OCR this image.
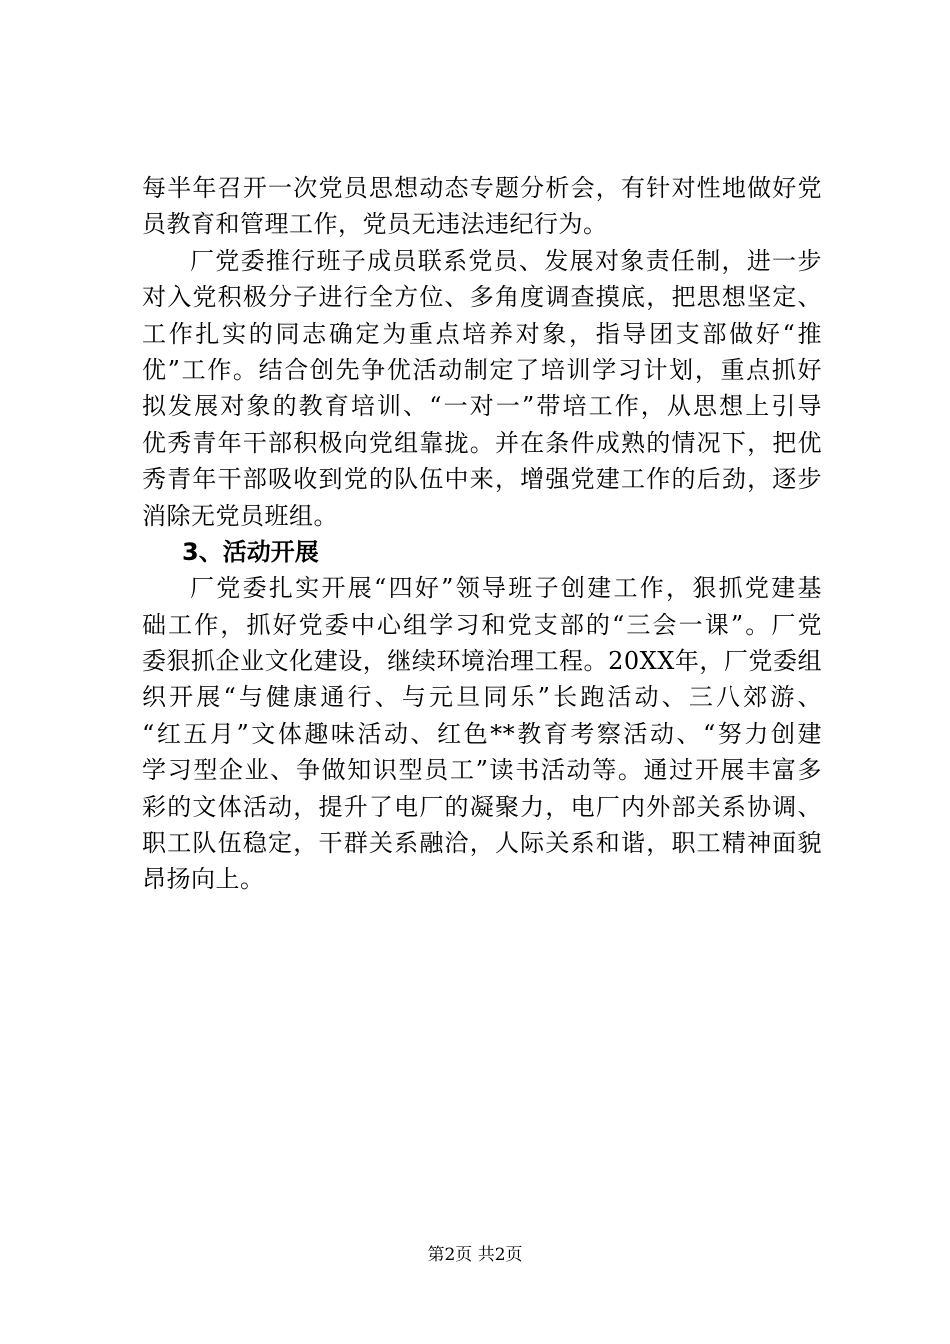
每半年召开一次党员思想动态专题分析会，有针对性地做好党
员教育和管理工作，党员无违法违纪行为。
厂党委推行班子成员联系党员、发展对象责任制，进一步
对入党积极分子进行全方位、多角度调查摸底，把思想坚定、
工作扎实的同志确定为重点培养对象，指导团支部做好“推
优”工作。结合创先争优活动制定了培训学习计划，重点抓好
拟发展对象的教育培训、“一对一”带培工作，从思想上引导
优秀青年干部积极向党组靠拢。并在条件成熟的情况下，把优
秀青年干部吸收到党的队伍中来，增强党建工作的后劲，逐步
消除无党员班组。
3、活动开展
厂党委扎实开展“四好”领导班子创建工作，狠抓党建基
础工作，抓好党委中心组学习和党支部的“三会一课”。厂党
委狠抓企业文化建设，继续环境治理工程。20XX年，厂党委组
织开展“与健康通行、与元旦同乐”长跑活动、三八郊游、
“红五月”文体趣味活动、红色**教育考察活动、“努力创建
学习型企业、争做知识型员工”读书活动等。通过开展丰富多
彩的文体活动，提升了电厂的凝聚力，电厂内外部关系协调、
职工队伍稳定，干群关系融洽，人际关系和谐，职工精神面貌
昂扬向上。
第2页 共2页
